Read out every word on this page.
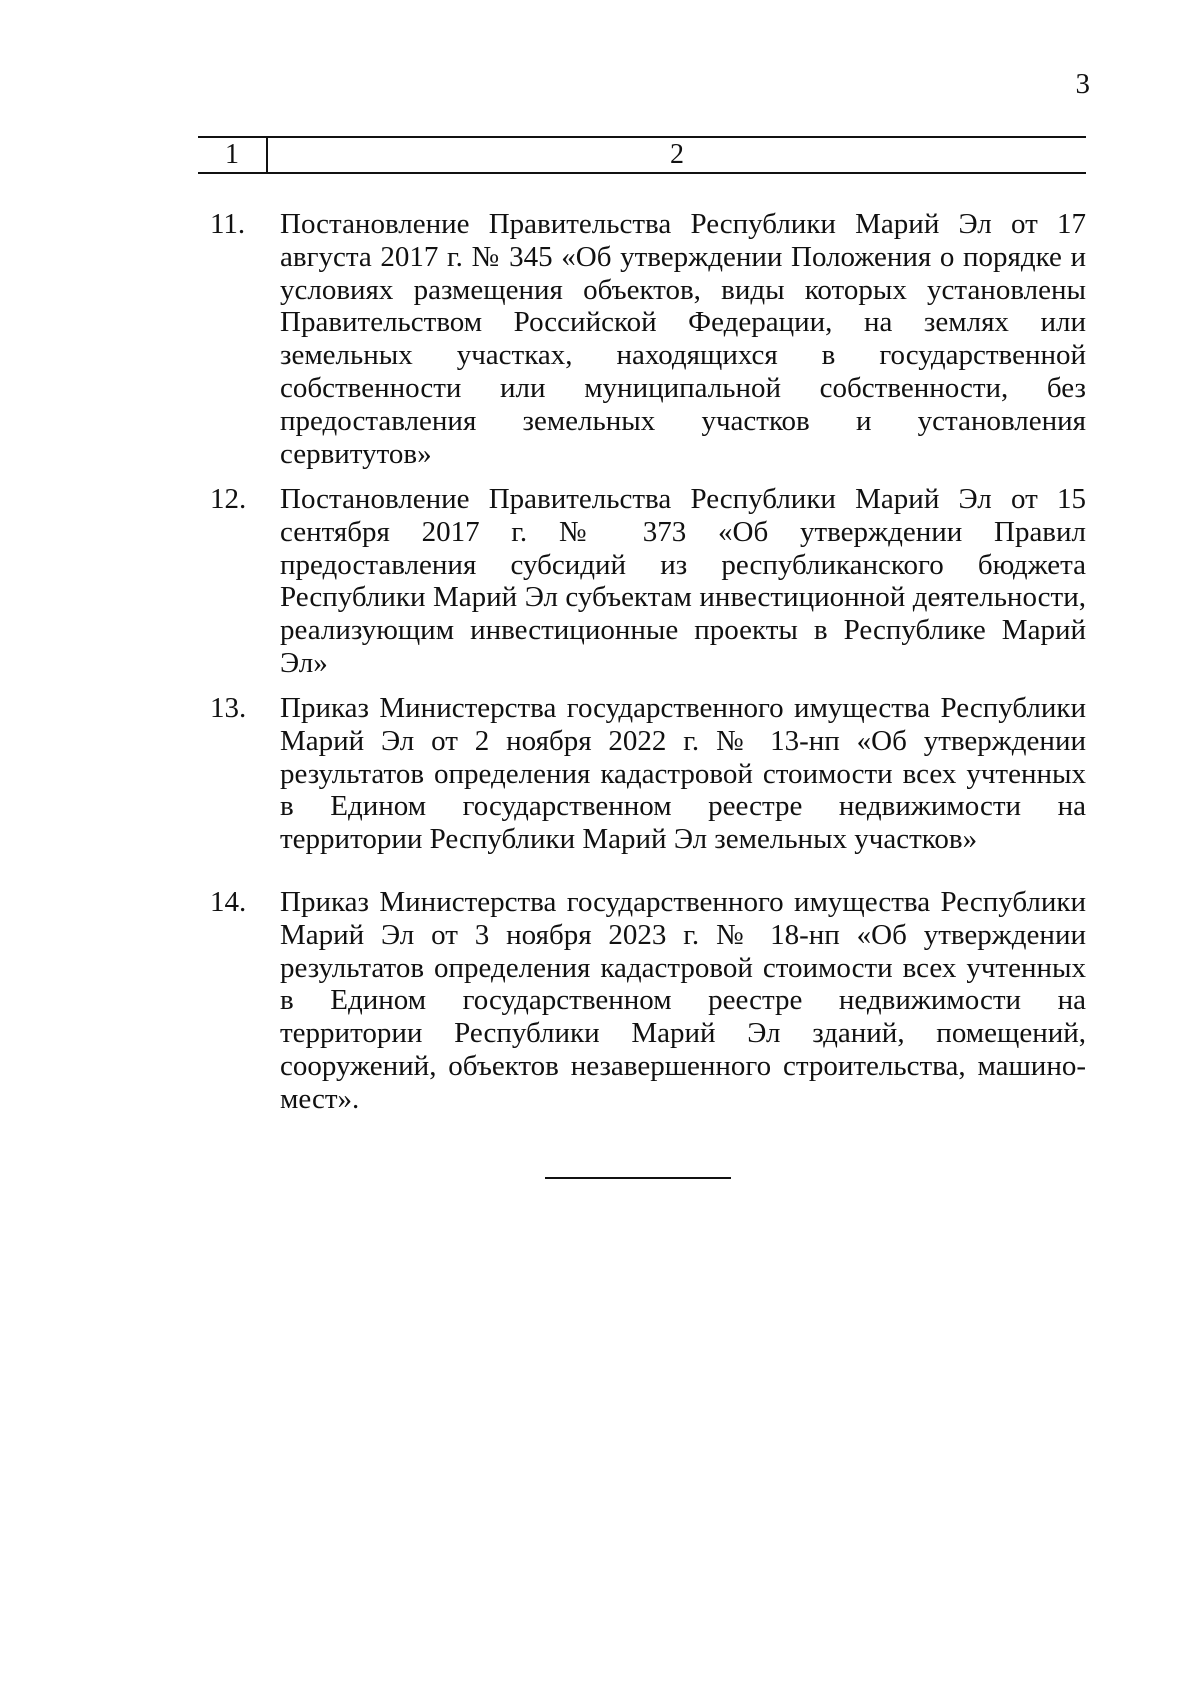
3
1	2
11.	Постановление Правительства Республики Марий Эл от 17 августа 2017 г. № 345 «Об утверждении Положения о порядке и условиях размещения объектов, виды которых установлены Правительством Российской Федерации, на землях или земельных участках, находящихся в государственной собственности или муниципальной собственности, без предоставления земельных участков и установления сервитутов»
12.	Постановление Правительства Республики Марий Эл от 15 сентября 2017 г. № 373 «Об утверждении Правил предоставления субсидий из республиканского бюджета Республики Марий Эл субъектам инвестиционной деятельности, реализующим инвестиционные проекты в Республике Марий Эл»
13.	Приказ Министерства государственного имущества Республики Марий Эл от 2 ноября 2022 г. № 13-нп «Об утверждении результатов определения кадастровой стоимости всех учтенных в Едином государственном реестре недвижимости на территории Республики Марий Эл земельных участков»
14.	Приказ Министерства государственного имущества Республики Марий Эл от 3 ноября 2023 г. № 18-нп «Об утверждении результатов определения кадастровой стоимости всех учтенных в Едином государственном реестре недвижимости на территории Республики Марий Эл зданий, помещений, сооружений, объектов незавершенного строительства, машино-мест».
